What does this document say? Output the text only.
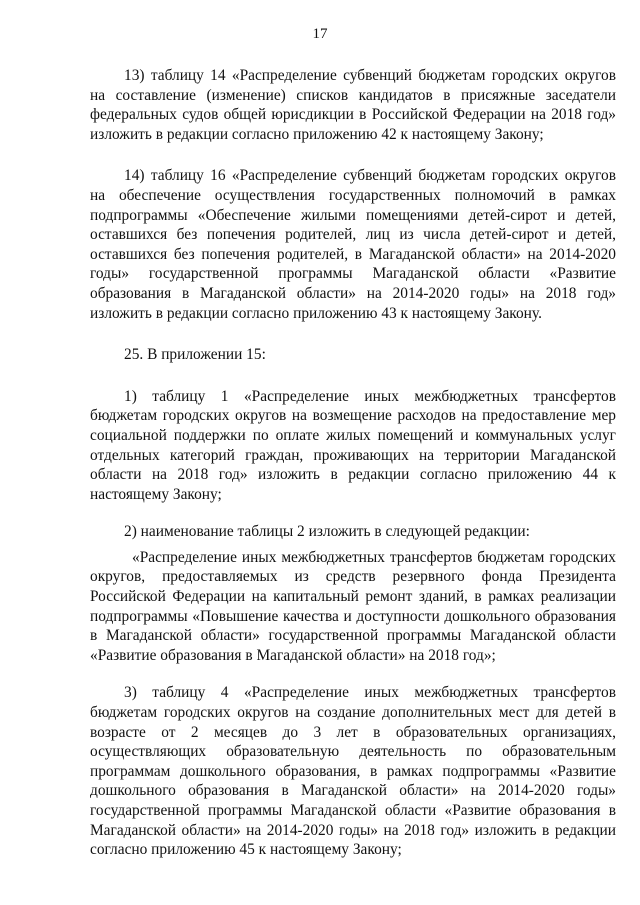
17

13) таблицу 14 «Распределение субвенций бюджетам городских округов на составление (изменение) списков кандидатов в присяжные заседатели федеральных судов общей юрисдикции в Российской Федерации на 2018 год» изложить в редакции согласно приложению 42 к настоящему Закону;

14) таблицу 16 «Распределение субвенций бюджетам городских округов на обеспечение осуществления государственных полномочий в рамках подпрограммы «Обеспечение жилыми помещениями детей-сирот и детей, оставшихся без попечения родителей, лиц из числа детей-сирот и детей, оставшихся без попечения родителей, в Магаданской области» на 2014-2020 годы» государственной программы Магаданской области «Развитие образования в Магаданской области» на 2014-2020 годы» на 2018 год» изложить в редакции согласно приложению 43 к настоящему Закону.

25. В приложении 15:

1) таблицу 1 «Распределение иных межбюджетных трансфертов бюджетам городских округов на возмещение расходов на предоставление мер социальной поддержки по оплате жилых помещений и коммунальных услуг отдельных категорий граждан, проживающих на территории Магаданской области на 2018 год» изложить в редакции согласно приложению 44 к настоящему Закону;

2) наименование таблицы 2 изложить в следующей редакции:

«Распределение иных межбюджетных трансфертов бюджетам городских округов, предоставляемых из средств резервного фонда Президента Российской Федерации на капитальный ремонт зданий, в рамках реализации подпрограммы «Повышение качества и доступности дошкольного образования в Магаданской области» государственной программы Магаданской области «Развитие образования в Магаданской области» на 2018 год»;

3) таблицу 4 «Распределение иных межбюджетных трансфертов бюджетам городских округов на создание дополнительных мест для детей в возрасте от 2 месяцев до 3 лет в образовательных организациях, осуществляющих образовательную деятельность по образовательным программам дошкольного образования, в рамках подпрограммы «Развитие дошкольного образования в Магаданской области» на 2014-2020 годы» государственной программы Магаданской области «Развитие образования в Магаданской области» на 2014-2020 годы» на 2018 год» изложить в редакции согласно приложению 45 к настоящему Закону;
